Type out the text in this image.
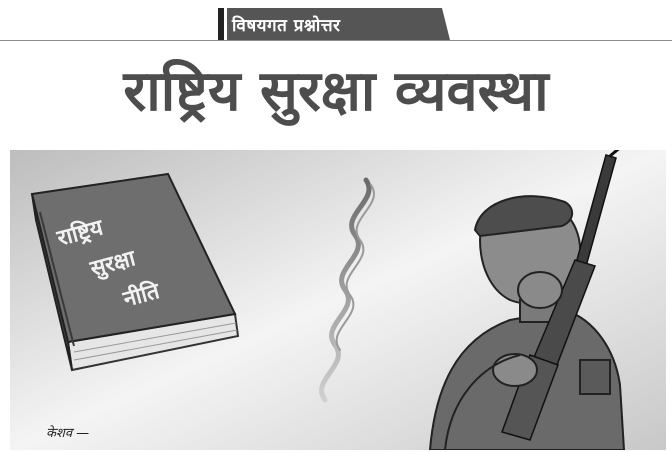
विषयगत प्रश्नोत्तर
राष्ट्रिय सुरक्षा व्यवस्था
राष्ट्रिय
सुरक्षा
नीति
केशव —
